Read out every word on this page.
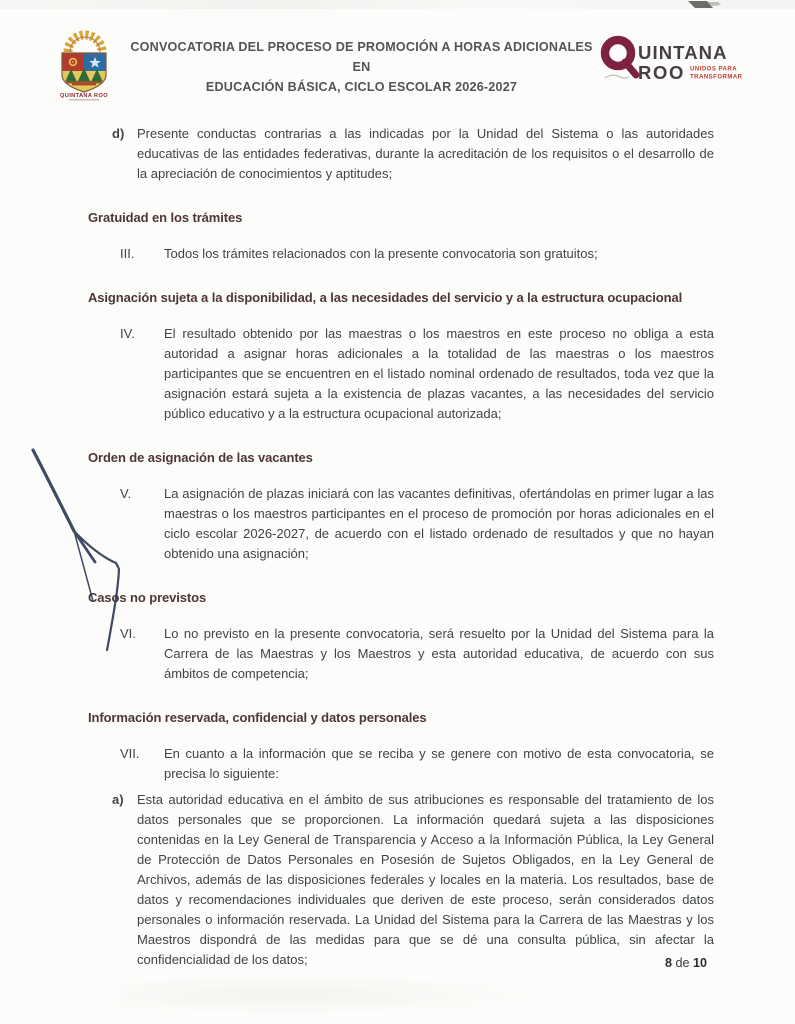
QUINTANA ROO
CONVOCATORIA DEL PROCESO DE PROMOCIÓN A HORAS ADICIONALES EN
EDUCACIÓN BÁSICA, CICLO ESCOLAR 2026-2027
UINTANA
ROO UNIDOS PARA
TRANSFORMAR
d) Presente conductas contrarias a las indicadas por la Unidad del Sistema o las autoridades educativas de las entidades federativas, durante la acreditación de los requisitos o el desarrollo de la apreciación de conocimientos y aptitudes;
Gratuidad en los trámites
III.	Todos los trámites relacionados con la presente convocatoria son gratuitos;
Asignación sujeta a la disponibilidad, a las necesidades del servicio y a la estructura ocupacional
IV.	El resultado obtenido por las maestras o los maestros en este proceso no obliga a esta autoridad a asignar horas adicionales a la totalidad de las maestras o los maestros participantes que se encuentren en el listado nominal ordenado de resultados, toda vez que la asignación estará sujeta a la existencia de plazas vacantes, a las necesidades del servicio público educativo y a la estructura ocupacional autorizada;
Orden de asignación de las vacantes
V.	La asignación de plazas iniciará con las vacantes definitivas, ofertándolas en primer lugar a las maestras o los maestros participantes en el proceso de promoción por horas adicionales en el ciclo escolar 2026-2027, de acuerdo con el listado ordenado de resultados y que no hayan obtenido una asignación;
Casos no previstos
VI.	Lo no previsto en la presente convocatoria, será resuelto por la Unidad del Sistema para la Carrera de las Maestras y los Maestros y esta autoridad educativa, de acuerdo con sus ámbitos de competencia;
Información reservada, confidencial y datos personales
VII.	En cuanto a la información que se reciba y se genere con motivo de esta convocatoria, se precisa lo siguiente:
a)	Esta autoridad educativa en el ámbito de sus atribuciones es responsable del tratamiento de los datos personales que se proporcionen. La información quedará sujeta a las disposiciones contenidas en la Ley General de Transparencia y Acceso a la Información Pública, la Ley General de Protección de Datos Personales en Posesión de Sujetos Obligados, en la Ley General de Archivos, además de las disposiciones federales y locales en la materia. Los resultados, base de datos y recomendaciones individuales que deriven de este proceso, serán considerados datos personales o información reservada. La Unidad del Sistema para la Carrera de las Maestras y los Maestros dispondrá de las medidas para que se dé una consulta pública, sin afectar la confidencialidad de los datos;	8 de 10
